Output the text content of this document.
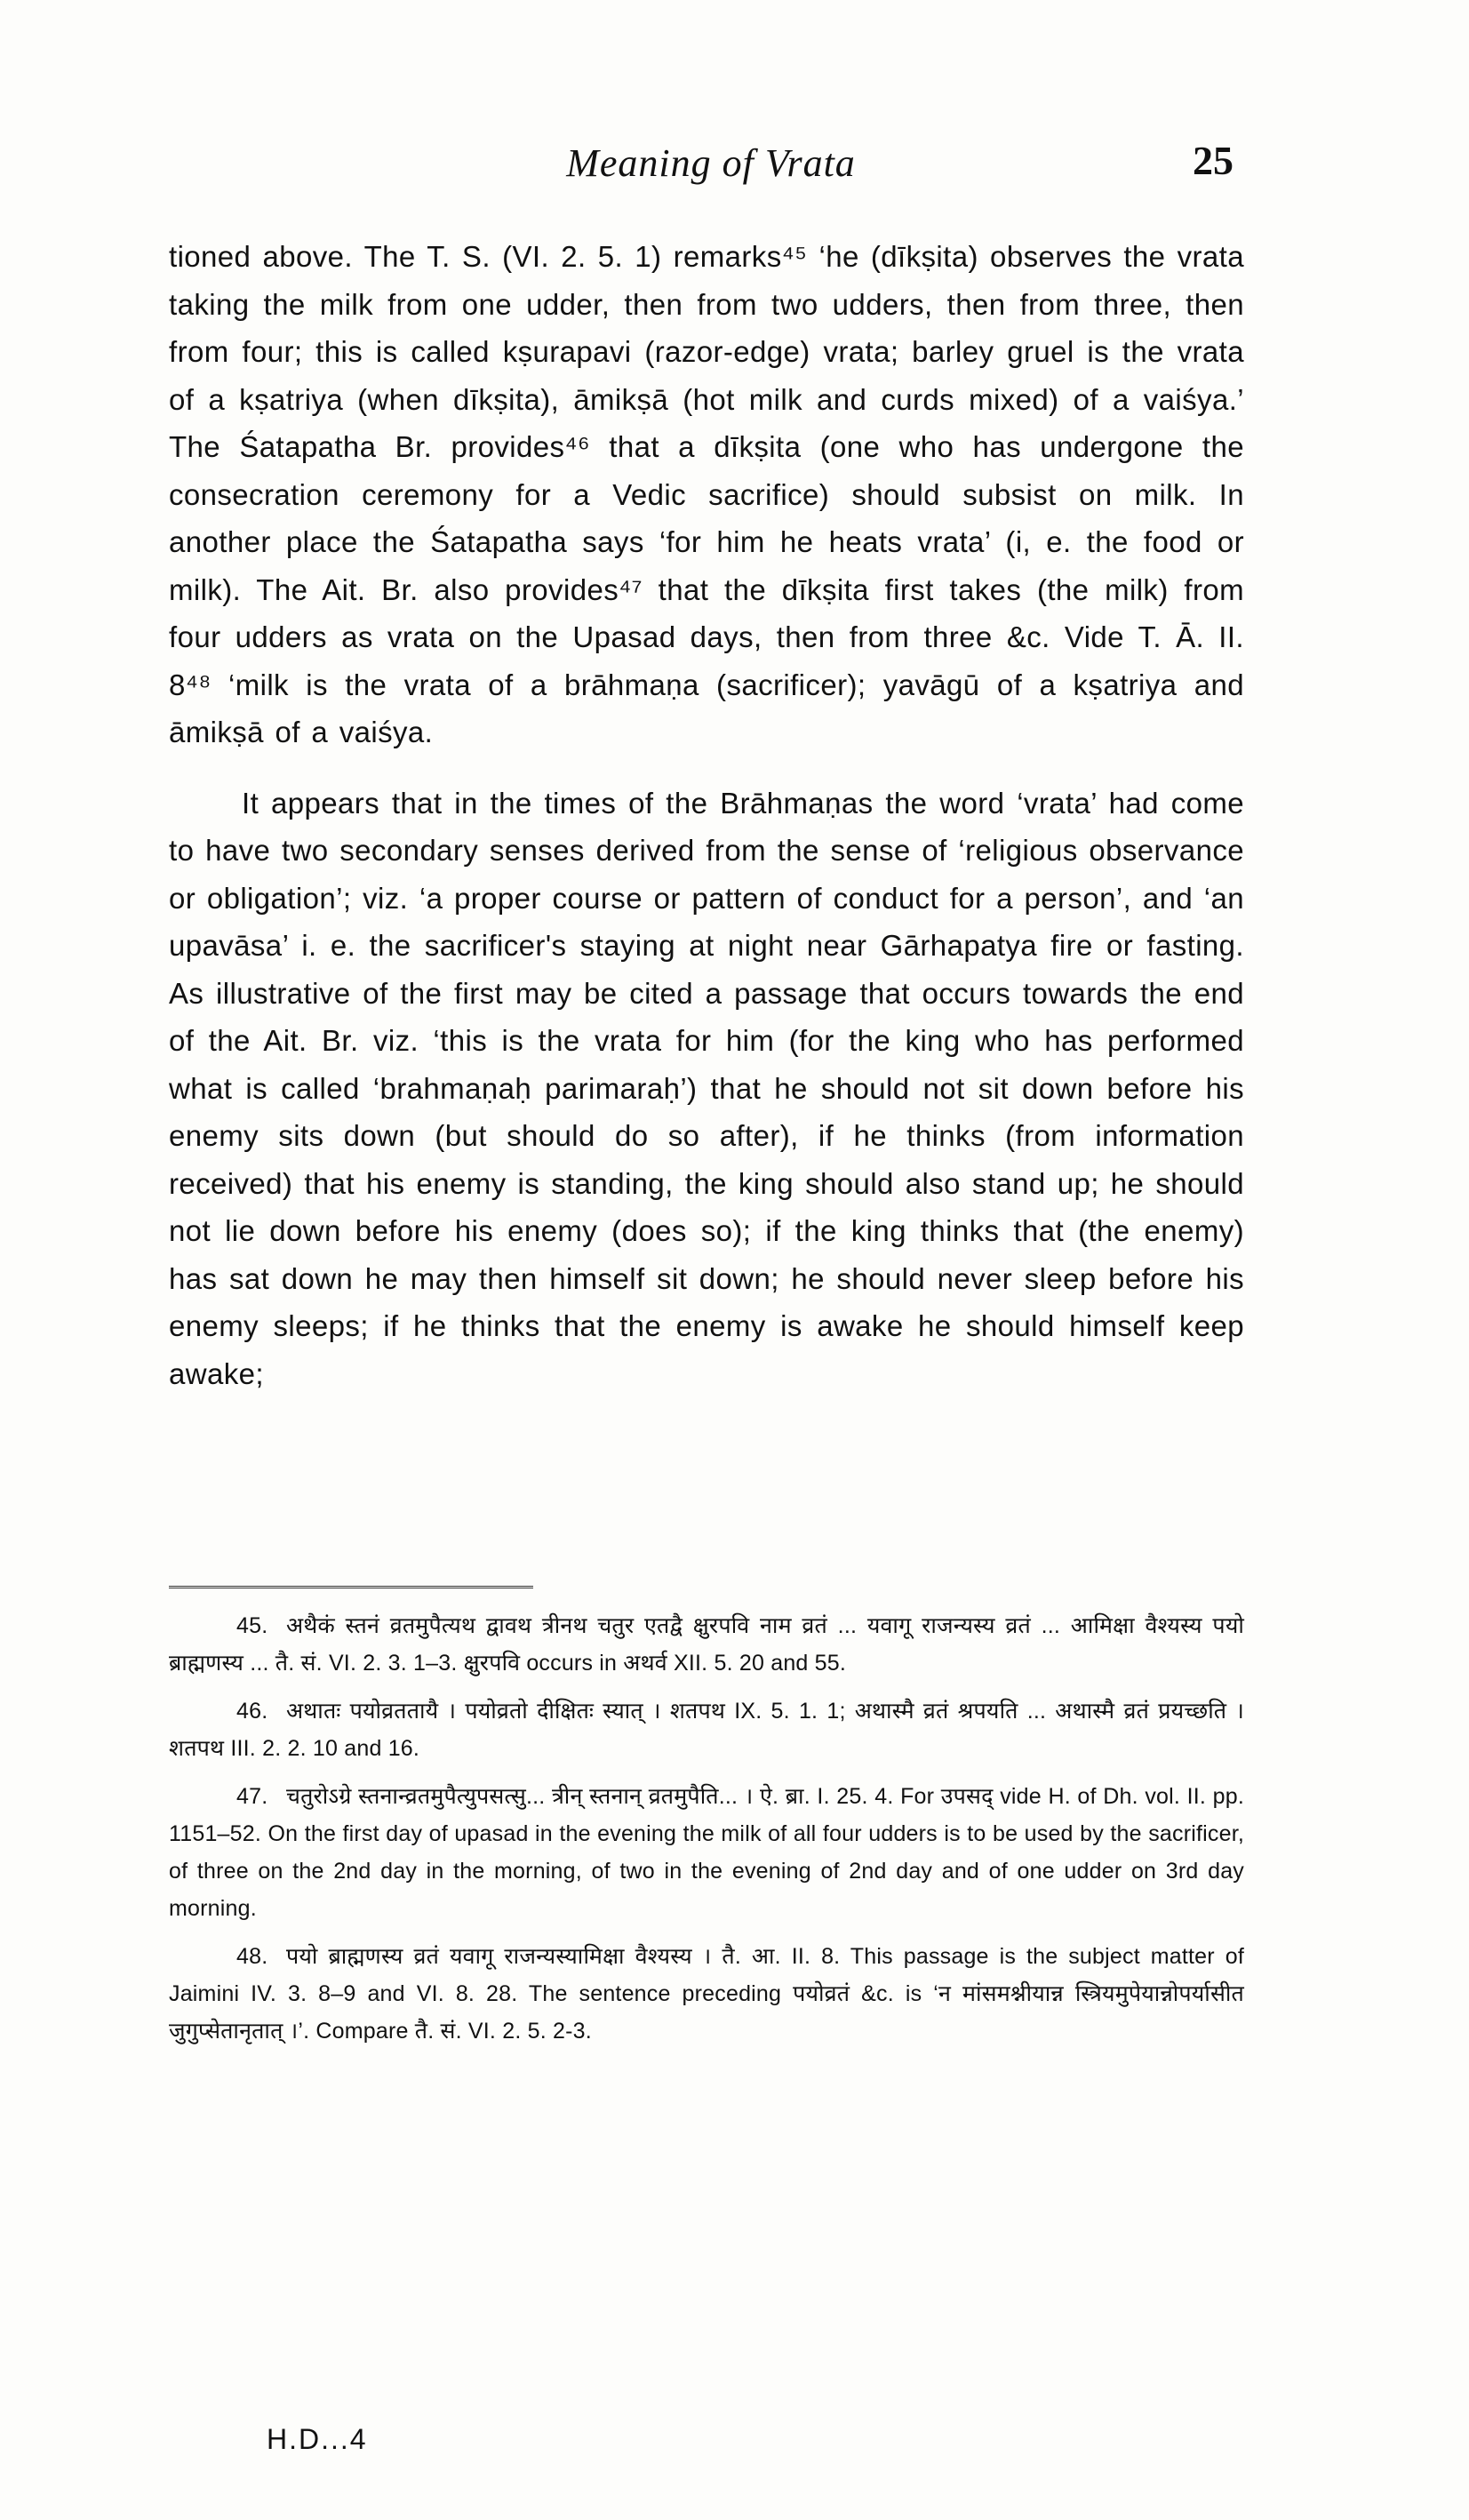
Meaning of Vrata	25

tioned above. The T. S. (VI. 2. 5. 1) remarks⁴⁵ ‘he (dīkṣita) observes the vrata taking the milk from one udder, then from two udders, then from three, then from four; this is called kṣurapavi (razor-edge) vrata; barley gruel is the vrata of a kṣatriya (when dīkṣita), āmikṣā (hot milk and curds mixed) of a vaiśya.’ The Śatapatha Br. provides⁴⁶ that a dīkṣita (one who has undergone the consecration ceremony for a Vedic sacrifice) should subsist on milk. In another place the Śatapatha says ‘for him he heats vrata’ (i, e. the food or milk). The Ait. Br. also provides⁴⁷ that the dīkṣita first takes (the milk) from four udders as vrata on the Upasad days, then from three &c. Vide T. Ā. II. 8⁴⁸ ‘milk is the vrata of a brāhmaṇa (sacrificer); yavāgū of a kṣatriya and āmikṣā of a vaiśya.

It appears that in the times of the Brāhmaṇas the word ‘vrata’ had come to have two secondary senses derived from the sense of ‘religious observance or obligation’; viz. ‘a proper course or pattern of conduct for a person’, and ‘an upavāsa’ i. e. the sacrificer's staying at night near Gārhapatya fire or fasting. As illustrative of the first may be cited a passage that occurs towards the end of the Ait. Br. viz. ‘this is the vrata for him (for the king who has performed what is called ‘brahmaṇaḥ parimaraḥ’) that he should not sit down before his enemy sits down (but should do so after), if he thinks (from information received) that his enemy is standing, the king should also stand up; he should not lie down before his enemy (does so); if the king thinks that (the enemy) has sat down he may then himself sit down; he should never sleep before his enemy sleeps; if he thinks that the enemy is awake he should himself keep awake;

45. अथैकं स्तनं व्रतमुपैत्यथ द्वावथ त्रीनथ चतुर एतद्वै क्षुरपवि नाम व्रतं ... यवागू राजन्यस्य व्रतं ... आमिक्षा वैश्यस्य पयो ब्राह्मणस्य ... तै. सं. VI. 2. 3. 1–3. क्षुरपवि occurs in अथर्व XII. 5. 20 and 55.

46. अथातः पयोव्रततायै । पयोव्रतो दीक्षितः स्यात् । शतपथ IX. 5. 1. 1; अथास्मै व्रतं श्रपयति ... अथास्मै व्रतं प्रयच्छति । शतपथ III. 2. 2. 10 and 16.

47. चतुरोऽग्रे स्तनान्व्रतमुपैत्युपसत्सु... त्रीन् स्तनान् व्रतमुपैति... । ऐ. ब्रा. I. 25. 4. For उपसद् vide H. of Dh. vol. II. pp. 1151–52. On the first day of upasad in the evening the milk of all four udders is to be used by the sacrificer, of three on the 2nd day in the morning, of two in the evening of 2nd day and of one udder on 3rd day morning.

48. पयो ब्राह्मणस्य व्रतं यवागू राजन्यस्यामिक्षा वैश्यस्य । तै. आ. II. 8. This passage is the subject matter of Jaimini IV. 3. 8–9 and VI. 8. 28. The sentence preceding पयोव्रतं &c. is ‘न मांसमश्नीयान्न स्त्रियमुपेयान्नोपर्यासीत जुगुप्सेतानृतात् ।’. Compare तै. सं. VI. 2. 5. 2-3.

H.D...4
